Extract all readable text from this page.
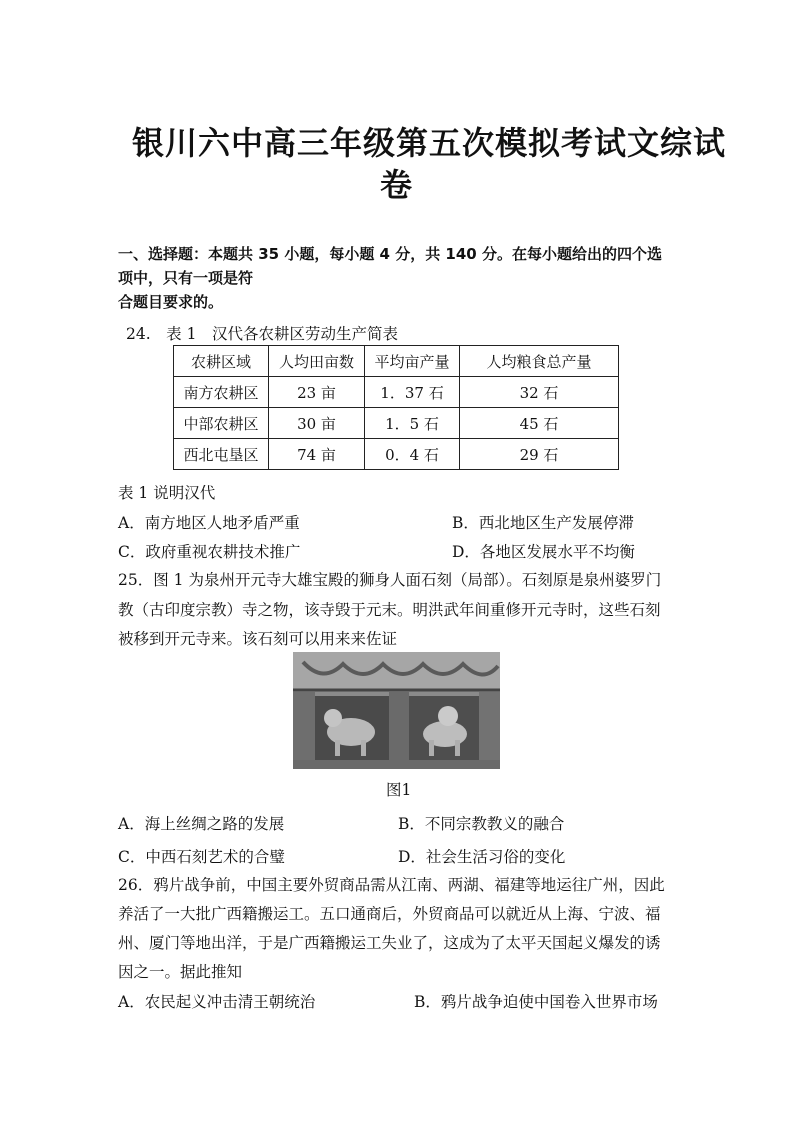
银川六中高三年级第五次模拟考试文综试
卷
一、选择题：本题共 35 小题，每小题 4 分，共 140 分。在每小题给出的四个选
项中，只有一项是符
合题目要求的。
24.　表 1　汉代各农耕区劳动生产简表
农耕区域	人均田亩数	平均亩产量	人均粮食总产量
南方农耕区	23 亩	1．37 石	32 石
中部农耕区	30 亩	1．5 石	45 石
西北屯垦区	74 亩	0．4 石	29 石
表 1 说明汉代
A．南方地区人地矛盾严重	B．西北地区生产发展停滞
C．政府重视农耕技术推广	D．各地区发展水平不均衡
25．图 1 为泉州开元寺大雄宝殿的狮身人面石刻（局部）。石刻原是泉州婆罗门
教（古印度宗教）寺之物，该寺毁于元末。明洪武年间重修开元寺时，这些石刻
被移到开元寺来。该石刻可以用来来佐证
图1
A．海上丝绸之路的发展	B．不同宗教教义的融合
C．中西石刻艺术的合璧	D．社会生活习俗的变化
26．鸦片战争前，中国主要外贸商品需从江南、两湖、福建等地运往广州，因此
养活了一大批广西籍搬运工。五口通商后，外贸商品可以就近从上海、宁波、福
州、厦门等地出洋，于是广西籍搬运工失业了，这成为了太平天国起义爆发的诱
因之一。据此推知
A．农民起义冲击清王朝统治	B．鸦片战争迫使中国卷入世界市场
